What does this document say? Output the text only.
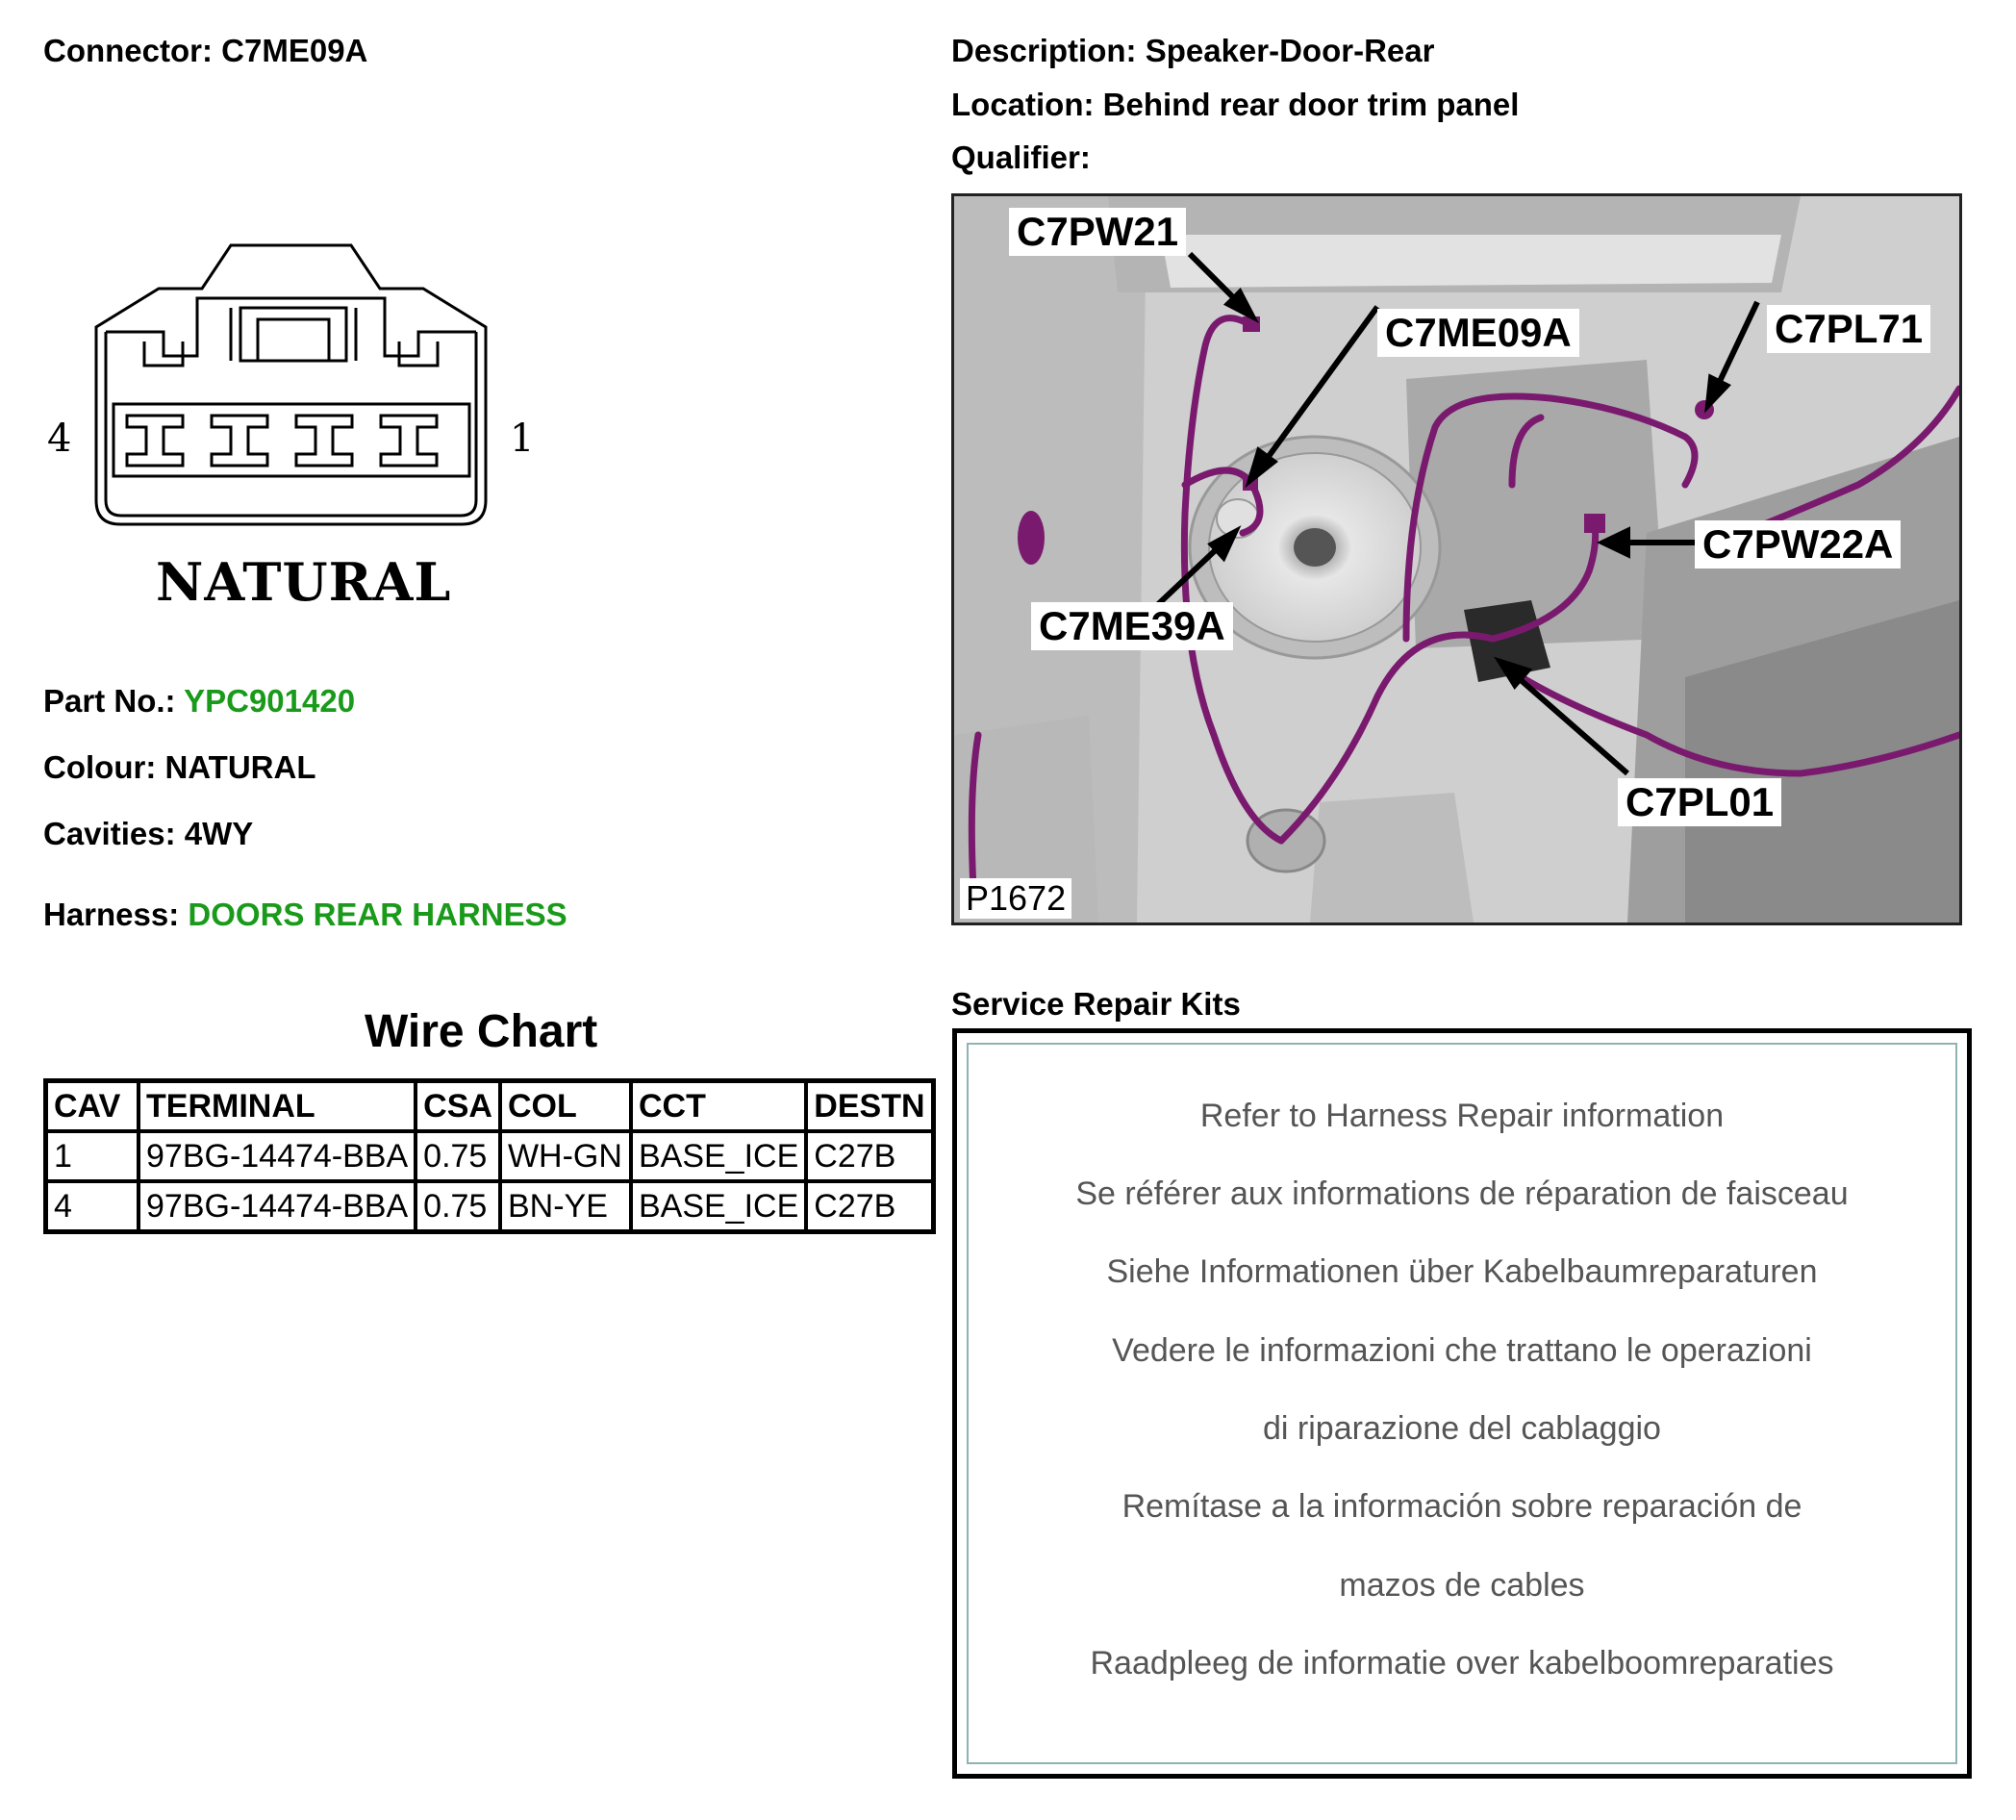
Connector: C7ME09A	Description: Speaker-Door-Rear
Location: Behind rear door trim panel
Qualifier:
4	1
NATURAL
Part No.: YPC901420
Colour: NATURAL
Cavities: 4WY
Harness: DOORS REAR HARNESS
Wire Chart
CAV	TERMINAL	CSA	COL	CCT	DESTN
1	97BG-14474-BBA	0.75	WH-GN	BASE_ICE	C27B
4	97BG-14474-BBA	0.75	BN-YE	BASE_ICE	C27B
C7PW21
C7ME09A	C7PL71
C7PW22A
C7ME39A
C7PL01
P1672
Service Repair Kits
Refer to Harness Repair information
Se référer aux informations de réparation de faisceau
Siehe Informationen über Kabelbaumreparaturen
Vedere le informazioni che trattano le operazioni
di riparazione del cablaggio
Remítase a la información sobre reparación de
mazos de cables
Raadpleeg de informatie over kabelboomreparaties
